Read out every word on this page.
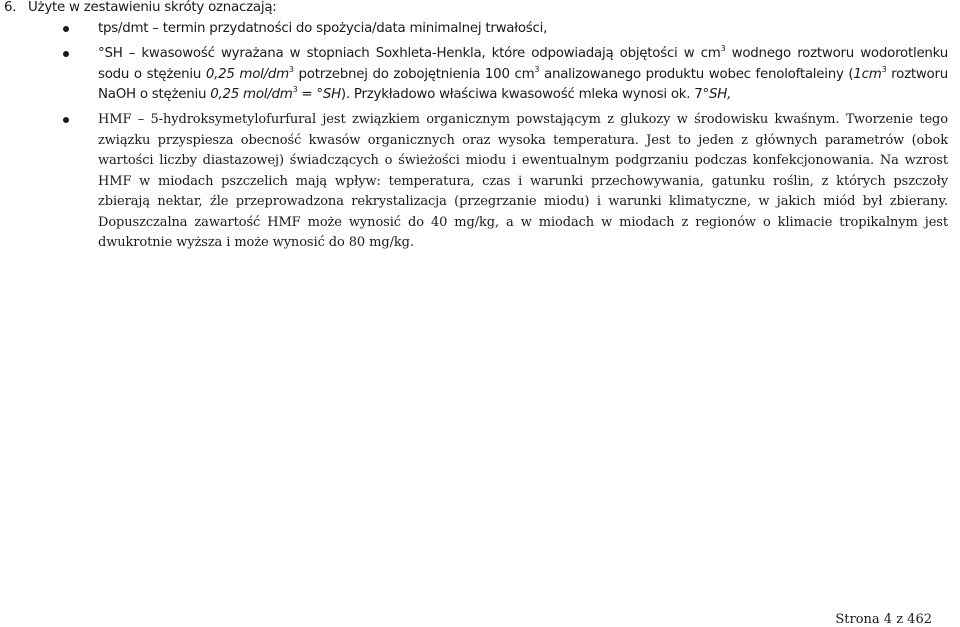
6. Użyte w zestawieniu skróty oznaczają:
tps/dmt – termin przydatności do spożycia/data minimalnej trwałości,
°SH – kwasowość wyrażana w stopniach Soxhleta-Henkla, które odpowiadają objętości w $cm^3$ wodnego roztworu wodorotlenku
sodu o stężeniu 0,25 mol/$dm^3$ potrzebnej do zobojętnienia 100 $cm^3$ analizowanego produktu wobec fenoloftaleiny ($1cm^3$ roztworu
NaOH o stężeniu 0,25 mol/$dm^3 = ^\circ SH$). Przykładowo właściwa kwasowość mleka wynosi ok. 7°SH,
HMF – 5-hydroksymetylofurfural jest związkiem organicznym powstającym z glukozy w środowisku kwaśnym. Tworzenie tego
związku przyspiesza obecność kwasów organicznych oraz wysoka temperatura. Jest to jeden z głównych parametrów (obok
wartości liczby diastazowej) świadczących o świeżości miodu i ewentualnym podgrzaniu podczas konfekcjonowania. Na wzrost
HMF w miodach pszczelich mają wpływ: temperatura, czas i warunki przechowywania, gatunku roślin, z których pszczoły
zbierają nektar, źle przeprowadzona rekrystalizacja (przegrzanie miodu) i warunki klimatyczne, w jakich miód był zbierany.
Dopuszczalna zawartość HMF może wynosić do 40 mg/kg, a w miodach w miodach z regionów o klimacie tropikalnym jest
dwukrotnie wyższa i może wynosić do 80 mg/kg.
Strona 4 z 462
